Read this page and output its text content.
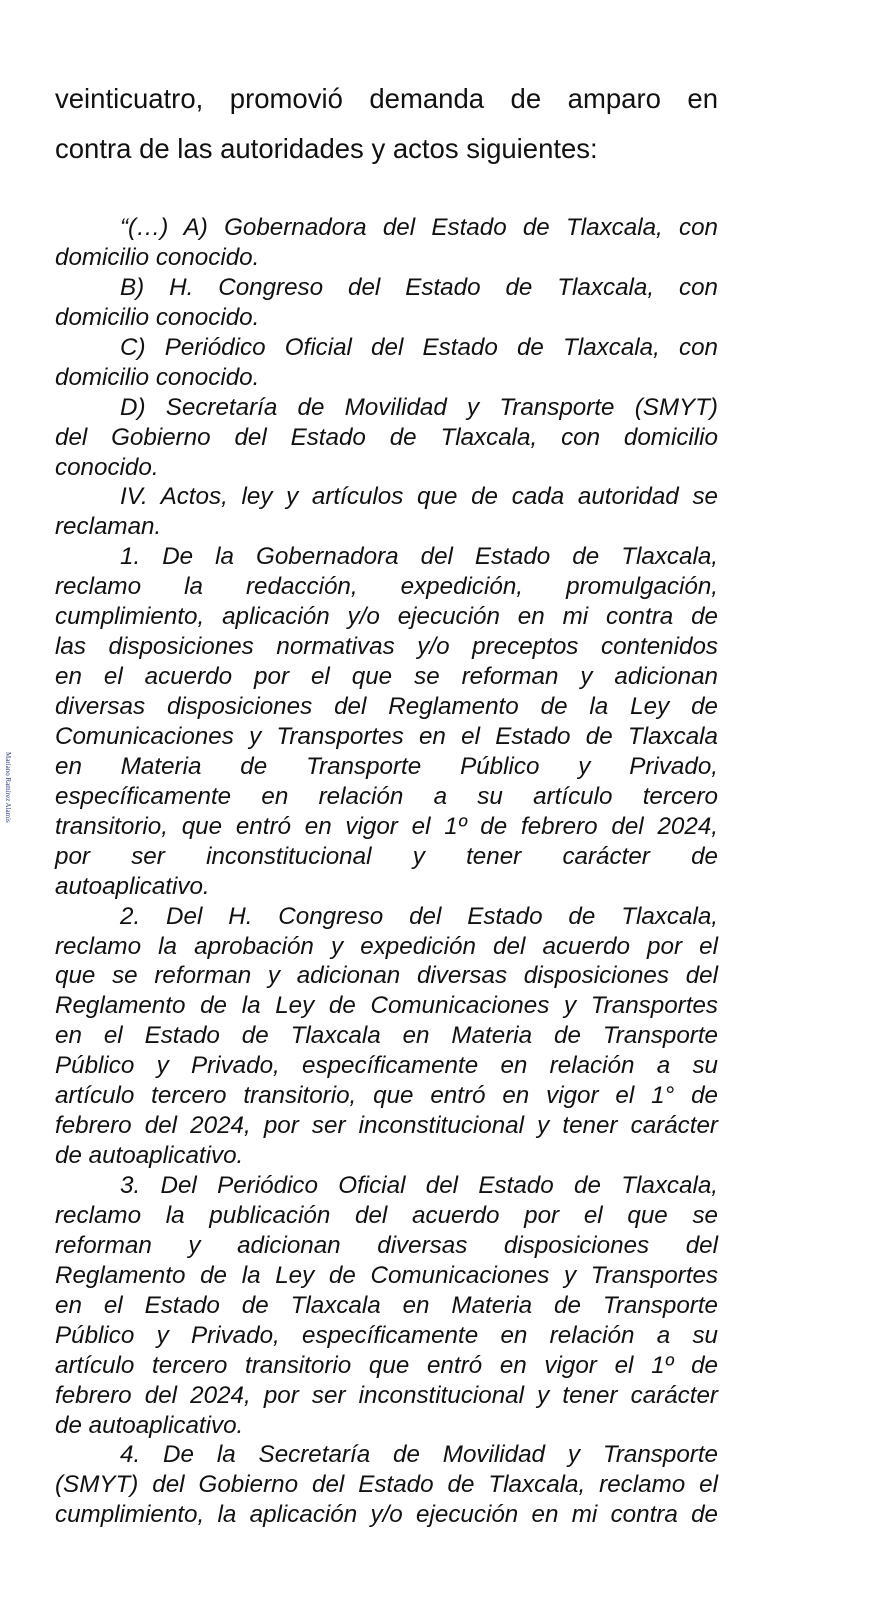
veinticuatro, promovió demanda de amparo en
contra de las autoridades y actos siguientes:
“(…) A) Gobernadora del Estado de Tlaxcala, con
domicilio conocido.
B) H. Congreso del Estado de Tlaxcala, con
domicilio conocido.
C) Periódico Oficial del Estado de Tlaxcala, con
domicilio conocido.
D) Secretaría de Movilidad y Transporte (SMYT)
del Gobierno del Estado de Tlaxcala, con domicilio
conocido.
IV. Actos, ley y artículos que de cada autoridad se
reclaman.
1. De la Gobernadora del Estado de Tlaxcala,
reclamo la redacción, expedición, promulgación,
cumplimiento, aplicación y/o ejecución en mi contra de
las disposiciones normativas y/o preceptos contenidos
en el acuerdo por el que se reforman y adicionan
diversas disposiciones del Reglamento de la Ley de
Comunicaciones y Transportes en el Estado de Tlaxcala
en Materia de Transporte Público y Privado,
específicamente en relación a su artículo tercero
transitorio, que entró en vigor el 1º de febrero del 2024,
por ser inconstitucional y tener carácter de
autoaplicativo.
2. Del H. Congreso del Estado de Tlaxcala,
reclamo la aprobación y expedición del acuerdo por el
que se reforman y adicionan diversas disposiciones del
Reglamento de la Ley de Comunicaciones y Transportes
en el Estado de Tlaxcala en Materia de Transporte
Público y Privado, específicamente en relación a su
artículo tercero transitorio, que entró en vigor el 1° de
febrero del 2024, por ser inconstitucional y tener carácter
de autoaplicativo.
3. Del Periódico Oficial del Estado de Tlaxcala,
reclamo la publicación del acuerdo por el que se
reforman y adicionan diversas disposiciones del
Reglamento de la Ley de Comunicaciones y Transportes
en el Estado de Tlaxcala en Materia de Transporte
Público y Privado, específicamente en relación a su
artículo tercero transitorio que entró en vigor el 1º de
febrero del 2024, por ser inconstitucional y tener carácter
de autoaplicativo.
4. De la Secretaría de Movilidad y Transporte
(SMYT) del Gobierno del Estado de Tlaxcala, reclamo el
cumplimiento, la aplicación y/o ejecución en mi contra de
Mariano Ramírez Alamis
